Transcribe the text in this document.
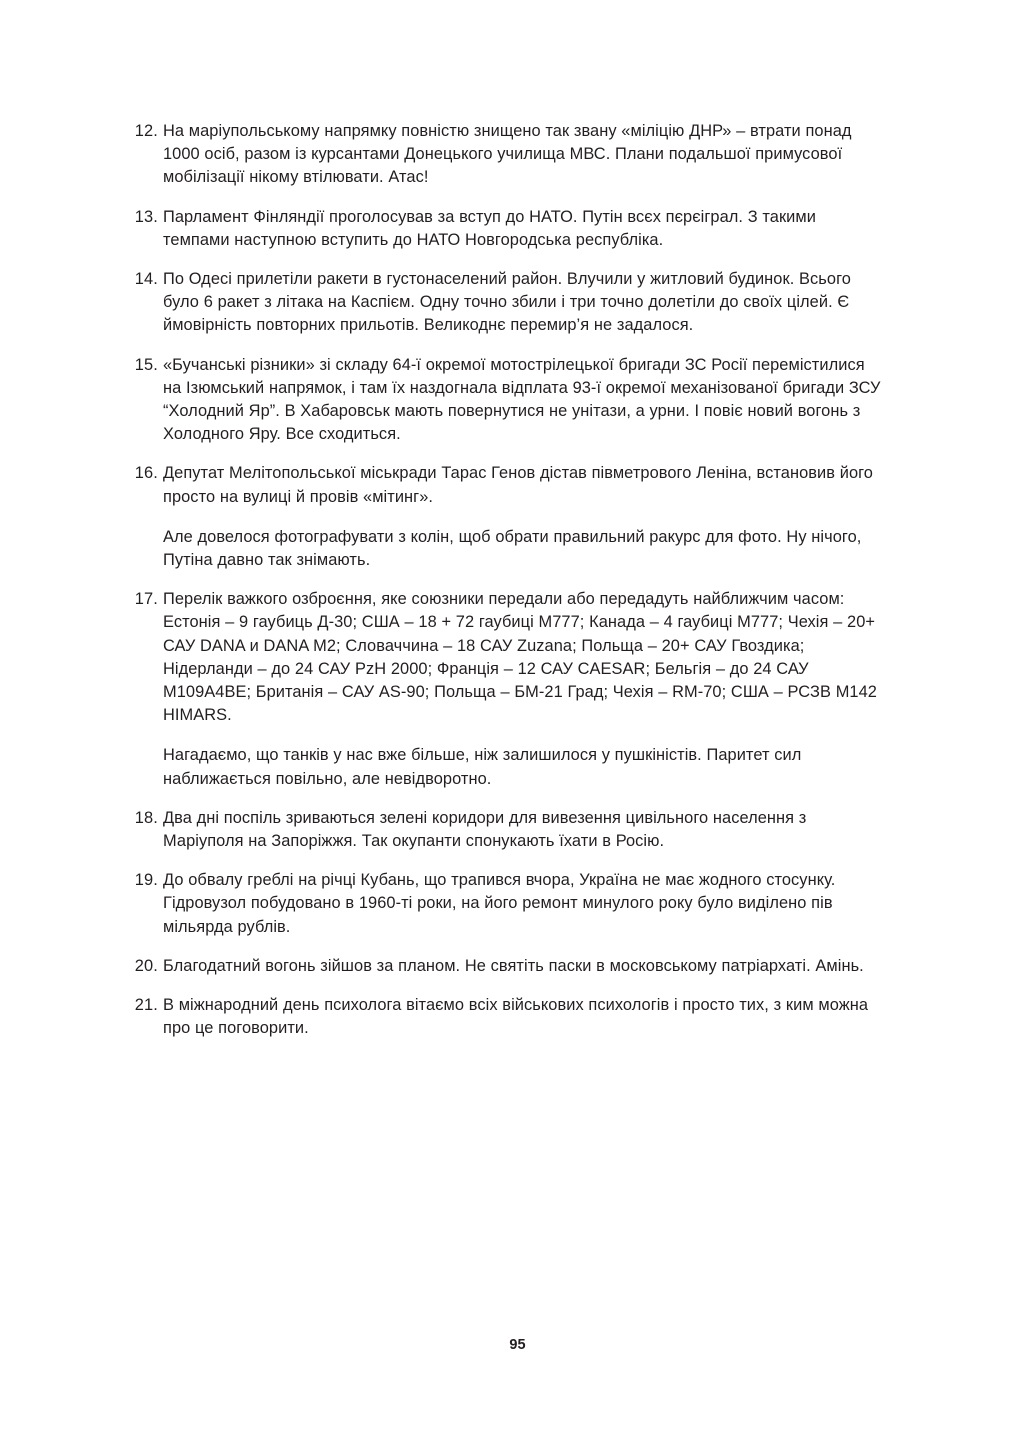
12. На маріупольському напрямку повністю знищено так звану «міліцію ДНР» – втрати понад 1000 осіб, разом із курсантами Донецького училища МВС. Плани подальшої примусової мобілізації нікому втілювати. Атас!
13. Парламент Фінляндії проголосував за вступ до НАТО. Путін всєх пєрєіграл. З такими темпами наступною вступить до НАТО Новгородська республіка.
14. По Одесі прилетіли ракети в густонаселений район. Влучили у житловий будинок. Всього було 6 ракет з літака на Каспієм. Одну точно збили і три точно долетіли до своїх цілей. Є ймовірність повторних прильотів. Великоднє перемир’я не задалося.
15. «Бучанські різники» зі складу 64-ї окремої мотострілецької бригади ЗС Росії перемістилися на Ізюмський напрямок, і там їх наздогнала відплата 93-ї окремої механізованої бригади ЗСУ “Холодний Яр”. В Хабаровськ мають повернутися не унітази, а урни. І повіє новий вогонь з Холодного Яру. Все сходиться.
16. Депутат Мелітопольської міськради Тарас Генов дістав півметрового Леніна, встановив його просто на вулиці й провів «мітинг».
Але довелося фотографувати з колін, щоб обрати правильний ракурс для фото. Ну нічого, Путіна давно так знімають.
17. Перелік важкого озброєння, яке союзники передали або передадуть найближчим часом: Естонія – 9 гаубиць Д-30; США – 18 + 72 гаубиці М777; Канада – 4 гаубиці М777; Чехія – 20+ САУ DANA и DANA M2; Словаччина – 18 САУ Zuzana; Польща – 20+ САУ Гвоздика; Нідерланди – до 24 САУ PzH 2000; Франція – 12 САУ CAESAR; Бельгія – до 24 САУ M109A4BE; Британія – САУ AS-90; Польща – БМ-21 Град; Чехія – RM-70; США – РСЗВ M142 HIMARS.
Нагадаємо, що танків у нас вже більше, ніж залишилося у пушкіністів. Паритет сил наближається повільно, але невідворотно.
18. Два дні поспіль зриваються зелені коридори для вивезення цивільного населення з Маріуполя на Запоріжжя. Так окупанти спонукають їхати в Росію.
19. До обвалу греблі на річці Кубань, що трапився вчора, Україна не має жодного стосунку. Гідровузол побудовано в 1960-ті роки, на його ремонт минулого року було виділено пів мільярда рублів.
20. Благодатний вогонь зійшов за планом. Не святіть паски в московському патріархаті. Амінь.
21. В міжнародний день психолога вітаємо всіх військових психологів і просто тих, з ким можна про це поговорити.
95
